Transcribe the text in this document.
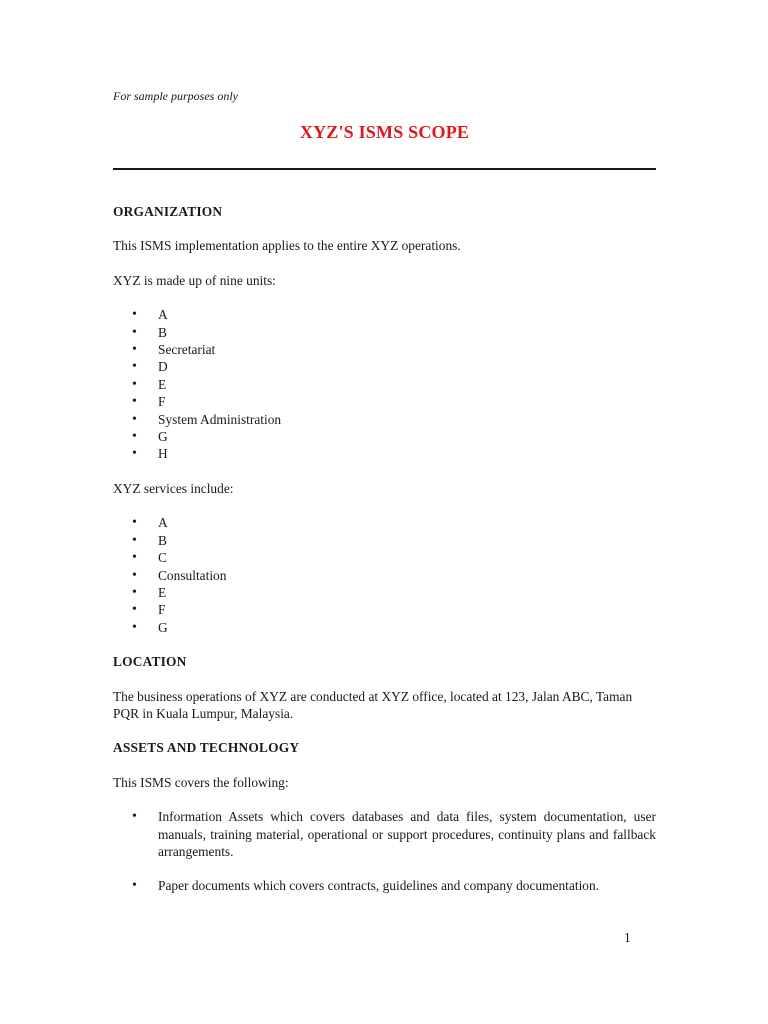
For sample purposes only
XYZ'S ISMS SCOPE

ORGANIZATION

This ISMS implementation applies to the entire XYZ operations.

XYZ is made up of nine units:

• A
• B
• Secretariat
• D
• E
• F
• System Administration
• G
• H

XYZ services include:

• A
• B
• C
• Consultation
• E
• F
• G

LOCATION

The business operations of XYZ are conducted at XYZ office, located at 123, Jalan ABC, Taman PQR in Kuala Lumpur, Malaysia.

ASSETS AND TECHNOLOGY

This ISMS covers the following:

• Information Assets which covers databases and data files, system documentation, user manuals, training material, operational or support procedures, continuity plans and fallback arrangements.
• Paper documents which covers contracts, guidelines and company documentation.
1
